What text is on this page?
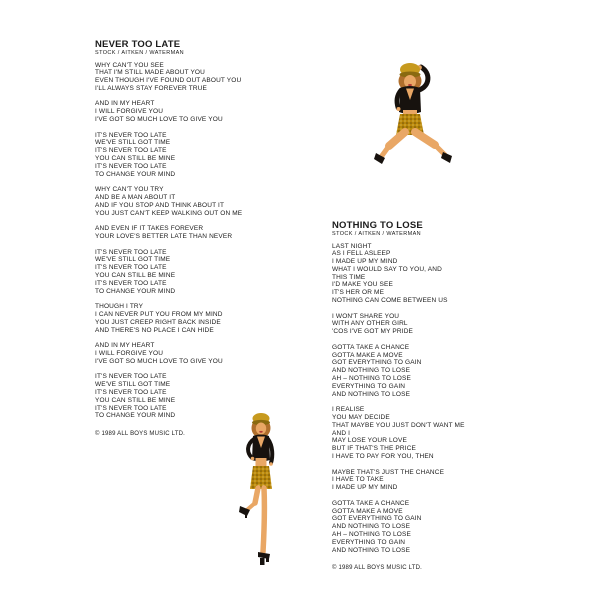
NEVER TOO LATE
STOCK / AITKEN / WATERMAN

WHY CAN'T YOU SEE
THAT I'M STILL MADE ABOUT YOU
EVEN THOUGH I'VE FOUND OUT ABOUT YOU
I'LL ALWAYS STAY FOREVER TRUE

AND IN MY HEART
I WILL FORGIVE YOU
I'VE GOT SO MUCH LOVE TO GIVE YOU

IT'S NEVER TOO LATE
WE'VE STILL GOT TIME
IT'S NEVER TOO LATE
YOU CAN STILL BE MINE
IT'S NEVER TOO LATE
TO CHANGE YOUR MIND

WHY CAN'T YOU TRY
AND BE A MAN ABOUT IT
AND IF YOU STOP AND THINK ABOUT IT
YOU JUST CAN'T KEEP WALKING OUT ON ME

AND EVEN IF IT TAKES FOREVER
YOUR LOVE'S BETTER LATE THAN NEVER

IT'S NEVER TOO LATE
WE'VE STILL GOT TIME
IT'S NEVER TOO LATE
YOU CAN STILL BE MINE
IT'S NEVER TOO LATE
TO CHANGE YOUR MIND

THOUGH I TRY
I CAN NEVER PUT YOU FROM MY MIND
YOU JUST CREEP RIGHT BACK INSIDE
AND THERE'S NO PLACE I CAN HIDE

AND IN MY HEART
I WILL FORGIVE YOU
I'VE GOT SO MUCH LOVE TO GIVE YOU

IT'S NEVER TOO LATE
WE'VE STILL GOT TIME
IT'S NEVER TOO LATE
YOU CAN STILL BE MINE
IT'S NEVER TOO LATE
TO CHANGE YOUR MIND

© 1989 ALL BOYS MUSIC LTD.
NOTHING TO LOSE
STOCK / AITKEN / WATERMAN

LAST NIGHT
AS I FELL ASLEEP
I MADE UP MY MIND
WHAT I WOULD SAY TO YOU, AND
THIS TIME
I'D MAKE YOU SEE
IT'S HER OR ME
NOTHING CAN COME BETWEEN US

I WON'T SHARE YOU
WITH ANY OTHER GIRL
'COS I'VE GOT MY PRIDE

GOTTA TAKE A CHANCE
GOTTA MAKE A MOVE
GOT EVERYTHING TO GAIN
AND NOTHING TO LOSE
AH – NOTHING TO LOSE
EVERYTHING TO GAIN
AND NOTHING TO LOSE

I REALISE
YOU MAY DECIDE
THAT MAYBE YOU JUST DON'T WANT ME
AND I
MAY LOSE YOUR LOVE
BUT IF THAT'S THE PRICE
I HAVE TO PAY FOR YOU, THEN

MAYBE THAT'S JUST THE CHANCE
I HAVE TO TAKE
I MADE UP MY MIND

GOTTA TAKE A CHANCE
GOTTA MAKE A MOVE
GOT EVERYTHING TO GAIN
AND NOTHING TO LOSE
AH – NOTHING TO LOSE
EVERYTHING TO GAIN
AND NOTHING TO LOSE

© 1989 ALL BOYS MUSIC LTD.
